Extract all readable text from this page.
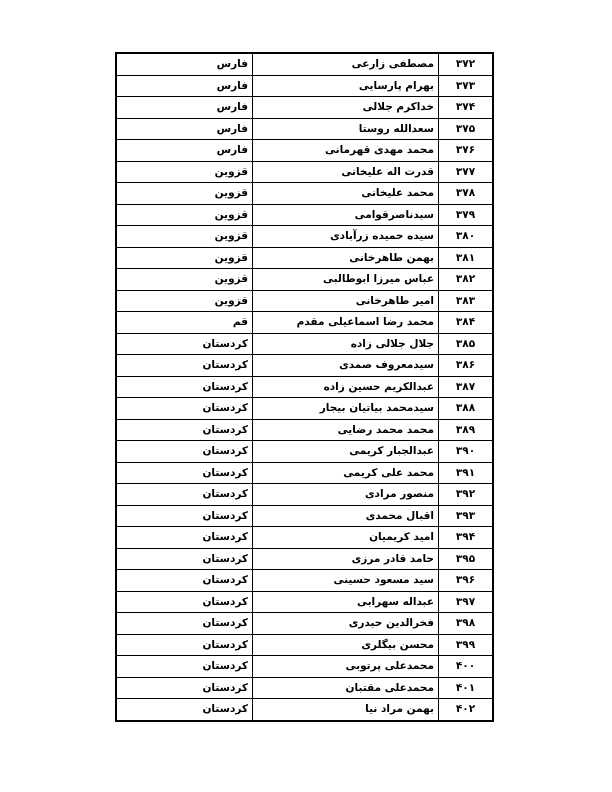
۳۷۲	مصطفی زارعی	فارس
۳۷۳	بهرام پارسایی	فارس
۳۷۴	خداکرم جلالی	فارس
۳۷۵	سعدالله روستا	فارس
۳۷۶	محمد مهدی قهرمانی	فارس
۳۷۷	قدرت اله علیخانی	قزوین
۳۷۸	محمد علیخانی	قزوین
۳۷۹	سیدناصرقوامی	قزوین
۳۸۰	سیده حمیده زرآبادی	قزوین
۳۸۱	بهمن طاهرخانی	قزوین
۳۸۲	عباس میرزا ابوطالبی	قزوین
۳۸۳	امیر طاهرخانی	قزوین
۳۸۴	محمد رضا اسماعیلی مقدم	قم
۳۸۵	جلال جلالی زاده	کردستان
۳۸۶	سیدمعروف صمدی	کردستان
۳۸۷	عبدالکریم حسین زاده	کردستان
۳۸۸	سیدمحمد بیاتیان بیجار	کردستان
۳۸۹	محمد محمد رضایی	کردستان
۳۹۰	عبدالجبار کریمی	کردستان
۳۹۱	محمد علی کریمی	کردستان
۳۹۲	منصور مرادی	کردستان
۳۹۳	اقبال محمدی	کردستان
۳۹۴	امید کریمیان	کردستان
۳۹۵	حامد قادر مرزی	کردستان
۳۹۶	سید مسعود حسینی	کردستان
۳۹۷	عبداله سهرابی	کردستان
۳۹۸	فخرالدین حیدری	کردستان
۳۹۹	محسن بیگلری	کردستان
۴۰۰	محمدعلی پرتوبی	کردستان
۴۰۱	محمدعلی مقتبان	کردستان
۴۰۲	بهمن مراد نیا	کردستان
